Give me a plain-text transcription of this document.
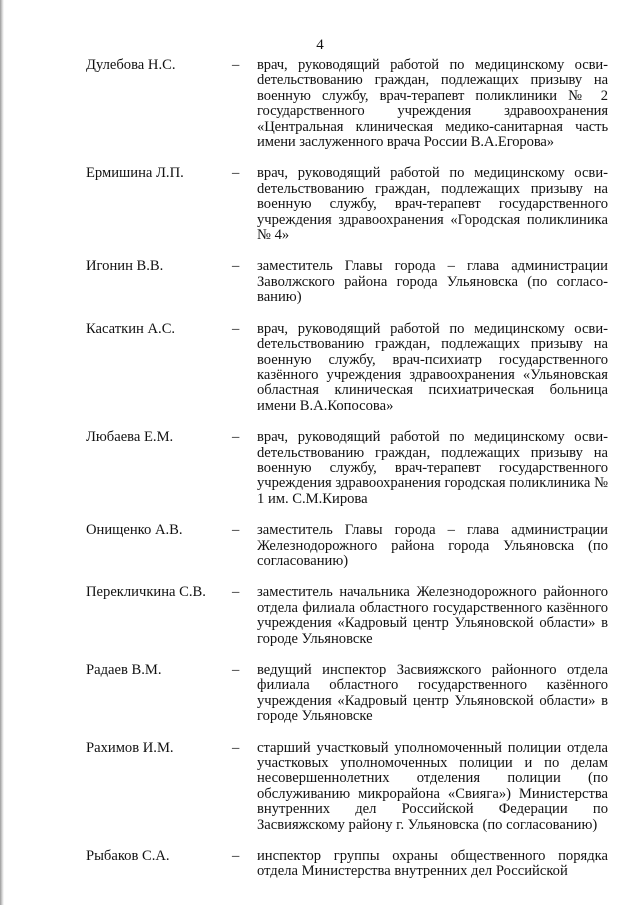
4
Дулебова Н.С.	– врач, руководящий работой по медицинскому освиdетельствованию граждан, подлежащих призыву на военную службу, врач-терапевт поликлиники № 2 государственного учреждения здравоохранения «Центральная клиническая медико-санитарная часть имени заслуженного врача России В.А.Егорова»
Ермишина Л.П.	– врач, руководящий работой по медицинскому освиdетельствованию граждан, подлежащих призыву на военную службу, врач-терапевт государственного учреждения здравоохранения «Городская поликлиника № 4»
Игонин В.В.	– заместитель Главы города – глава администрации Заволжского района города Ульяновска (по согласованию)
Касаткин А.С.	– врач, руководящий работой по медицинскому освиdетельствованию граждан, подлежащих призыву на военную службу, врач-психиатр государственного казённого учреждения здравоохранения «Ульяновская областная клиническая психиатрическая больница имени В.А.Копосова»
Любаева Е.М.	– врач, руководящий работой по медицинскому освиdетельствованию граждан, подлежащих призыву на военную службу, врач-терапевт государственного учреждения здравоохранения городская поликлиника № 1 им. С.М.Кирова
Онищенко А.В.	– заместитель Главы города – глава администрации Железнодорожного района города Ульяновска (по согласованию)
Перекличкина С.В.	– заместитель начальника Железнодорожного районного отдела филиала областного государственного казённого учреждения «Кадровый центр Ульяновской области» в городе Ульяновске
Радаев В.М.	– ведущий инспектор Засвияжского районного отдела филиала областного государственного казённого учреждения «Кадровый центр Ульяновской области» в городе Ульяновске
Рахимов И.М.	– старший участковый уполномоченный полиции отдела участковых уполномоченных полиции и по делам несовершеннолетних отделения полиции (по обслуживанию микрорайона «Свияга») Министерства внутренних дел Российской Федерации по Засвияжскому району г. Ульяновска (по согласованию)
Рыбаков С.А.	– инспектор группы охраны общественного порядка отдела Министерства внутренних дел Российской
